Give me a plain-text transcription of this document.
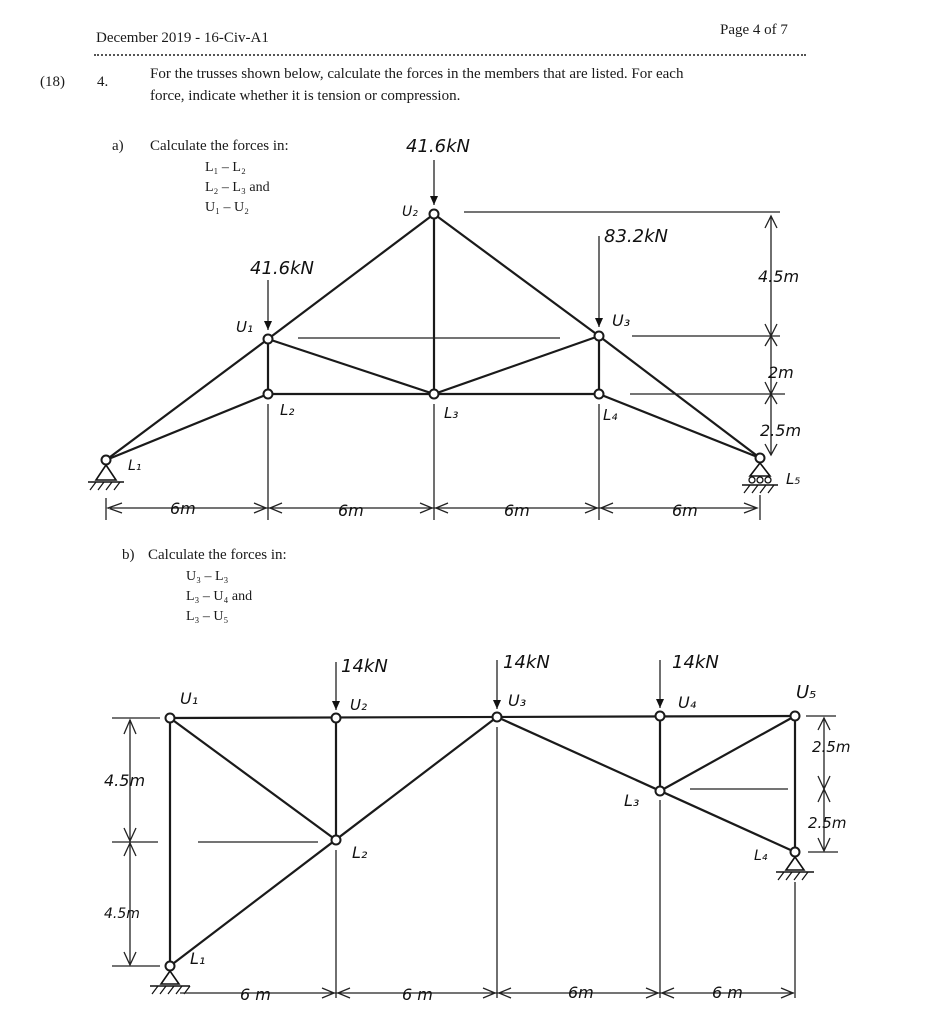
December 2019 - 16-Civ-A1	Page 4 of 7
(18) 4.	For the trusses shown below, calculate the forces in the members that are listed. For each
force, indicate whether it is tension or compression.
a) Calculate the forces in:
L₁ – L₂
L₂ – L₃ and
U₁ – U₂
b) Calculate the forces in:
U₃ – L₃
L₃ – U₄ and
L₃ – U₅
41.6kN
41.6kN
83.2kN
U₁
U₂
U₃
L₁
L₂	L₃	L₄
L₅
6m	6m	6m	6m
4.5m
2m
2.5m
14kN	14kN	14kN
U₁	U₂	U₃	U₄	U₅
L₁
L₂
L₃
L₄
6 m	6 m	6m	6 m
4.5m
4.5m
2.5m
2.5m
